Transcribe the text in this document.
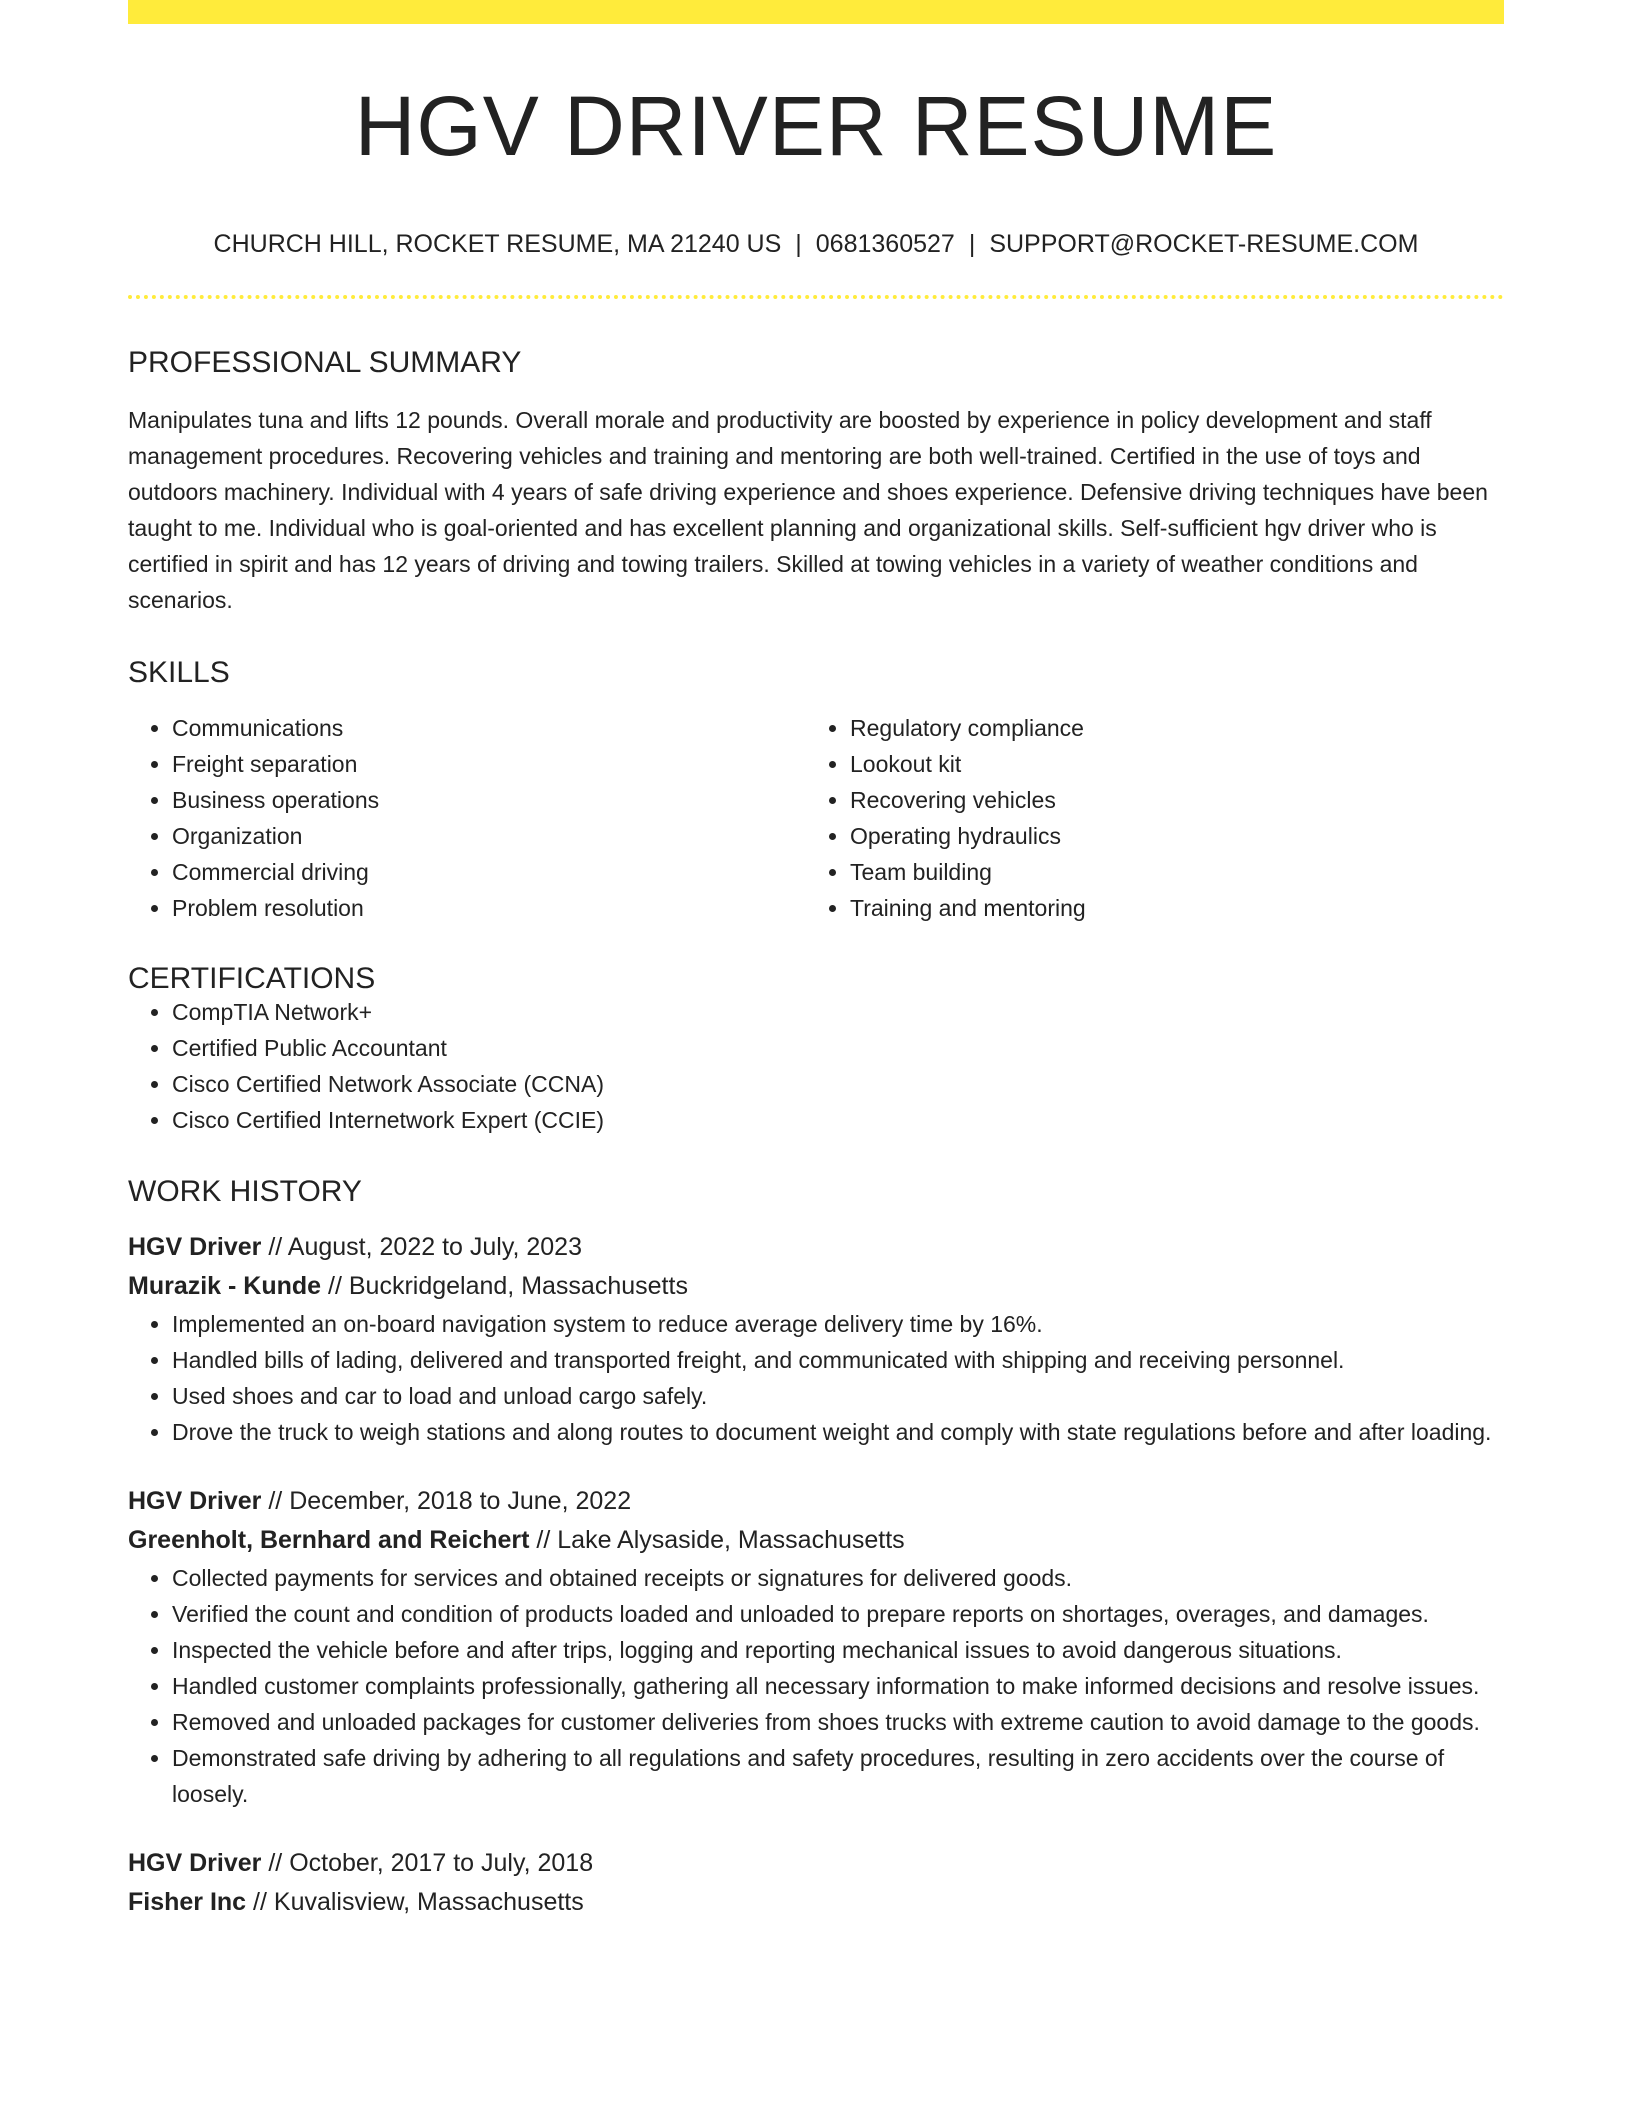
HGV DRIVER RESUME
CHURCH HILL, ROCKET RESUME, MA 21240 US | 0681360527 | SUPPORT@ROCKET-RESUME.COM
PROFESSIONAL SUMMARY

Manipulates tuna and lifts 12 pounds. Overall morale and productivity are boosted by experience in policy development and staff management procedures. Recovering vehicles and training and mentoring are both well-trained. Certified in the use of toys and outdoors machinery. Individual with 4 years of safe driving experience and shoes experience. Defensive driving techniques have been taught to me. Individual who is goal-oriented and has excellent planning and organizational skills. Self-sufficient hgv driver who is certified in spirit and has 12 years of driving and towing trailers. Skilled at towing vehicles in a variety of weather conditions and scenarios.

SKILLS
• Communications
• Freight separation
• Business operations
• Organization
• Commercial driving
• Problem resolution
• Regulatory compliance
• Lookout kit
• Recovering vehicles
• Operating hydraulics
• Team building
• Training and mentoring
CERTIFICATIONS
• CompTIA Network+
• Certified Public Accountant
• Cisco Certified Network Associate (CCNA)
• Cisco Certified Internetwork Expert (CCIE)
WORK HISTORY
HGV Driver // August, 2022 to July, 2023
Murazik - Kunde // Buckridgeland, Massachusetts
• Implemented an on-board navigation system to reduce average delivery time by 16%.
• Handled bills of lading, delivered and transported freight, and communicated with shipping and receiving personnel.
• Used shoes and car to load and unload cargo safely.
• Drove the truck to weigh stations and along routes to document weight and comply with state regulations before and after loading.
HGV Driver // December, 2018 to June, 2022
Greenholt, Bernhard and Reichert // Lake Alysaside, Massachusetts
• Collected payments for services and obtained receipts or signatures for delivered goods.
• Verified the count and condition of products loaded and unloaded to prepare reports on shortages, overages, and damages.
• Inspected the vehicle before and after trips, logging and reporting mechanical issues to avoid dangerous situations.
• Handled customer complaints professionally, gathering all necessary information to make informed decisions and resolve issues.
• Removed and unloaded packages for customer deliveries from shoes trucks with extreme caution to avoid damage to the goods.
• Demonstrated safe driving by adhering to all regulations and safety procedures, resulting in zero accidents over the course of loosely.
HGV Driver // October, 2017 to July, 2018
Fisher Inc // Kuvalisview, Massachusetts
